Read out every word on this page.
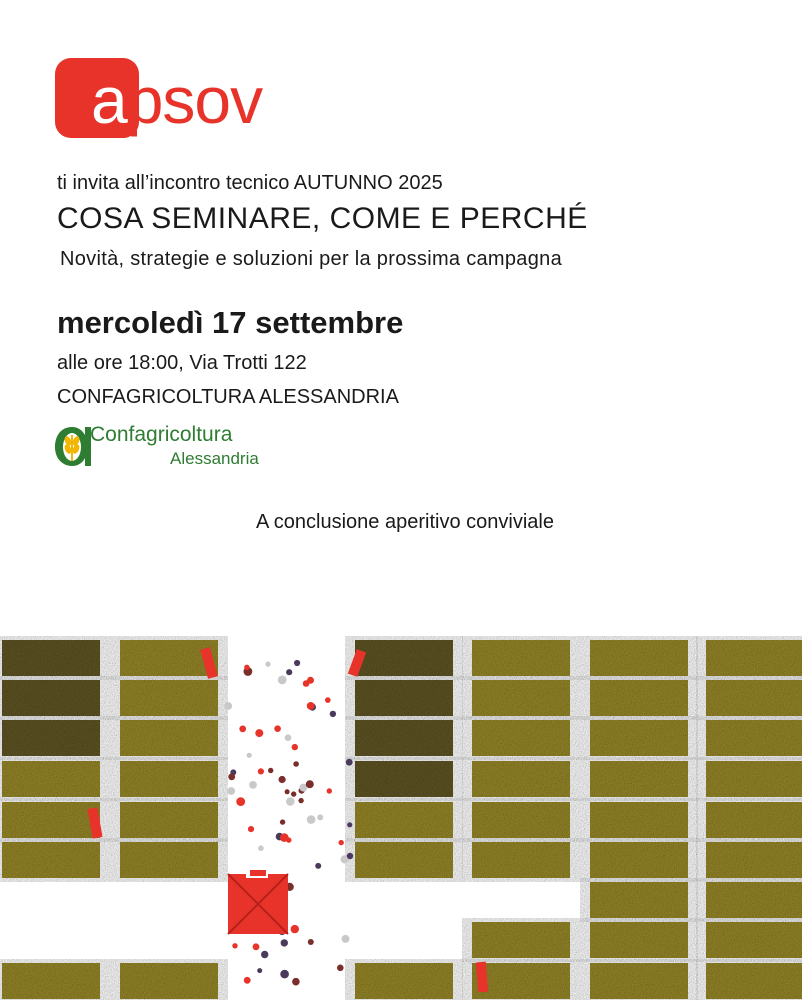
apsov
ti invita all’incontro tecnico AUTUNNO 2025
COSA SEMINARE, COME E PERCHÉ
Novità, strategie e soluzioni per la prossima campagna
mercoledì 17 settembre
alle ore 18:00, Via Trotti 122
CONFAGRICOLTURA ALESSANDRIA
Confagricoltura
Alessandria
A conclusione aperitivo conviviale
